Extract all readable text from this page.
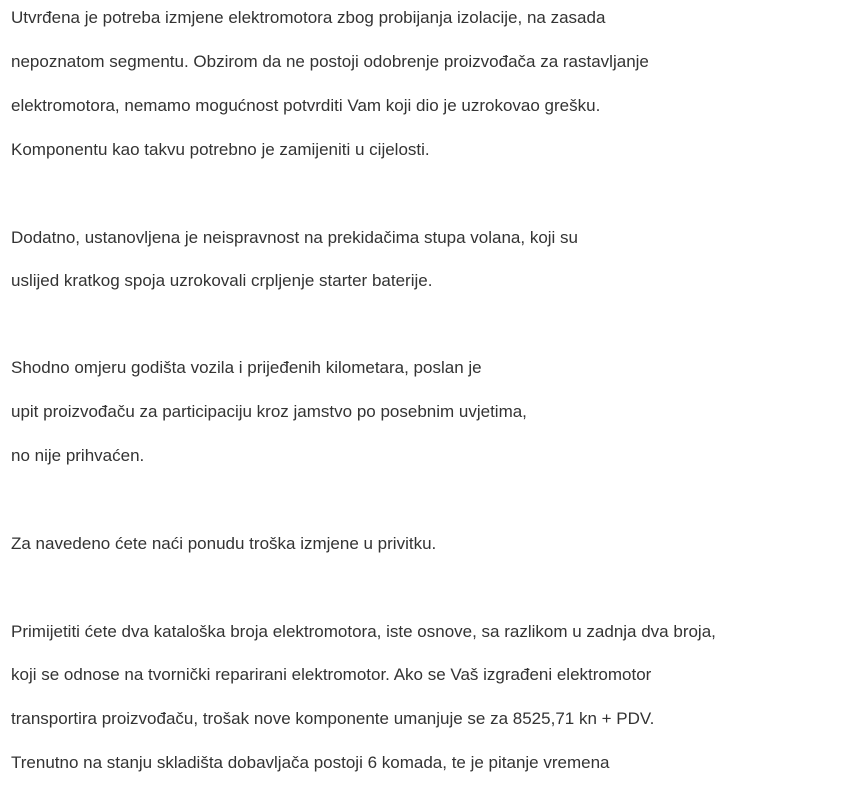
Utvrđena je potreba izmjene elektromotora zbog probijanja izolacije, na zasada

nepoznatom segmentu. Obzirom da ne postoji odobrenje proizvođača za rastavljanje

elektromotora, nemamo mogućnost potvrditi Vam koji dio je uzrokovao grešku.

Komponentu kao takvu potrebno je zamijeniti u cijelosti.

Dodatno, ustanovljena je neispravnost na prekidačima stupa volana, koji su

uslijed kratkog spoja uzrokovali crpljenje starter baterije.

Shodno omjeru godišta vozila i prijeđenih kilometara, poslan je

upit proizvođaču za participaciju kroz jamstvo po posebnim uvjetima,

no nije prihvaćen.

Za navedeno ćete naći ponudu troška izmjene u privitku.

Primijetiti ćete dva kataloška broja elektromotora, iste osnove, sa razlikom u zadnja dva broja,

koji se odnose na tvornički reparirani elektromotor. Ako se Vaš izgrađeni elektromotor

transportira proizvođaču, trošak nove komponente umanjuje se za 8525,71 kn + PDV.

Trenutno na stanju skladišta dobavljača postoji 6 komada, te je pitanje vremena
